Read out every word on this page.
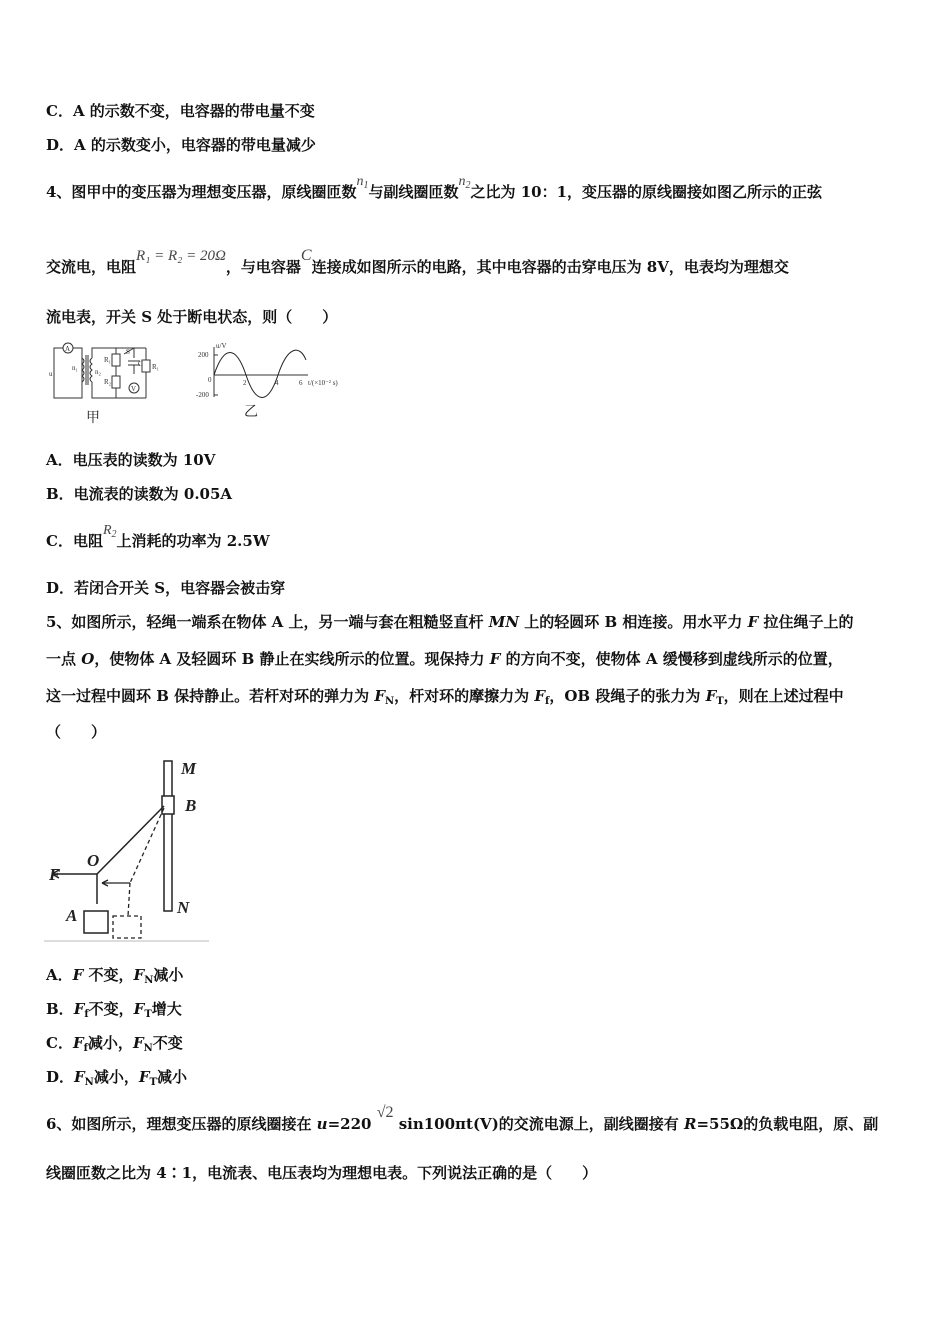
C．A 的示数不变，电容器的带电量不变
D．A 的示数变小，电容器的带电量减少
4、图甲中的变压器为理想变压器，原线圈匝数$n_1$与副线圈匝数$n_2$之比为 10：1，变压器的原线圈接如图乙所示的正弦
交流电，电阻R₁ = R₂ = 20Ω，与电容器C连接成如图所示的电路，其中电容器的击穿电压为 8V，电表均为理想交
流电表，开关 S 处于断电状态，则（　　）
A
u
n₁ n₂
S
R₁
R₂
C R₁
V
甲
u/V
200
-200
0	2	4	6 t/(×10⁻² s)
乙
A．电压表的读数为 10V
B．电流表的读数为 0.05A
C．电阻$R_2$上消耗的功率为 2.5W
D．若闭合开关 S，电容器会被击穿
5、如图所示，轻绳一端系在物体 A 上，另一端与套在粗糙竖直杆 MN 上的轻圆环 B 相连接。用水平力 F 拉住绳子上的
一点 O，使物体 A 及轻圆环 B 静止在实线所示的位置。现保持力 F 的方向不变，使物体 A 缓慢移到虚线所示的位置，
这一过程中圆环 B 保持静止。若杆对环的弹力为 $F_N$，杆对环的摩擦力为 $F_f$，OB 段绳子的张力为 $F_T$，则在上述过程中
（　　）
M
B
O
F
A	N
A．F 不变，$F_N$减小
B．$F_f$不变，$F_T$增大
C．$F_f$减小，$F_N$不变
D．$F_N$减小，$F_T$减小
6、如图所示，理想变压器的原线圈接在 u=220 √2 sin100πt(V)的交流电源上，副线圈接有 R=55Ω的负载电阻，原、副
线圈匝数之比为 4∶1，电流表、电压表均为理想电表。下列说法正确的是（　　）
